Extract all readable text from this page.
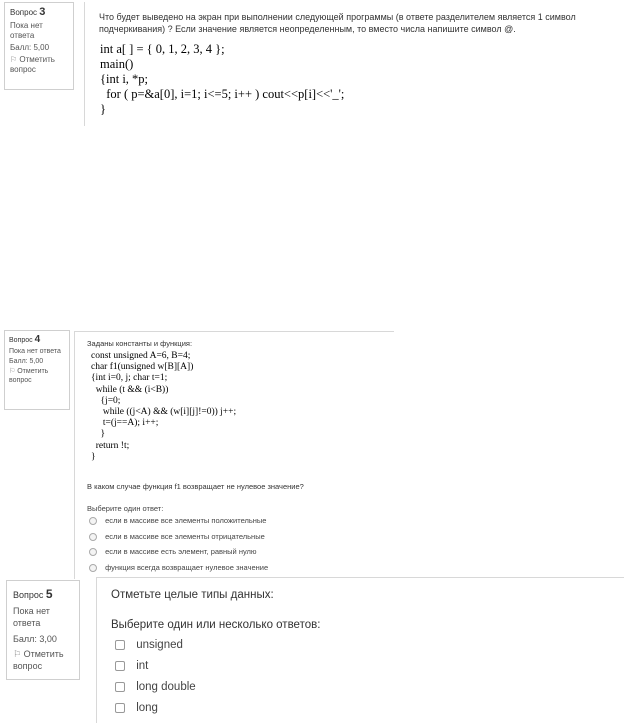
Вопрос 3
Пока нет ответа
Балл: 5,00
⚐ Отметить вопрос
Что будет выведено на экран при выполнении следующей программы (в ответе разделителем является 1 символ подчеркивания) ? Если значение является неопределенным, то вместо числа напишите символ @.
int a[ ] = { 0, 1, 2, 3, 4 };
main()
{int i, *p;
for ( p=&a[0], i=1; i<=5; i++ ) cout<<p[i]<<'_';
}
Вопрос 4
Пока нет ответа
Балл: 5,00
⚐ Отметить вопрос
Заданы константы и функция:
const unsigned A=6, B=4;
char f1(unsigned w[B][A])
{int i=0, j; char t=1;
while (t && (i<B))
{j=0;
while ((j<A) && (w[i][j]!=0)) j++;
t=(j==A); i++;
}
return !t;
}
В каком случае функция f1 возвращает не нулевое значение?
Выберите один ответ:
если в массиве все элементы положительные
если в массиве все элементы отрицательные
если в массиве есть элемент, равный нулю
функция всегда возвращает нулевое значение
Вопрос 5
Пока нет ответа
Балл: 3,00
⚐ Отметить вопрос
Отметьте целые типы данных:
Выберите один или несколько ответов:
unsigned
int
long double
long
